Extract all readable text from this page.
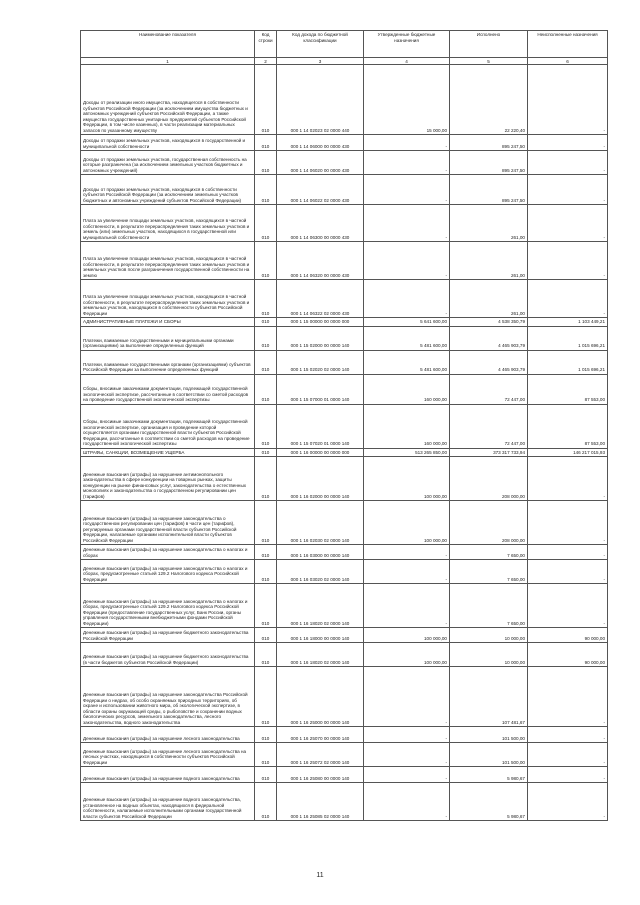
Наименование показателя	Код строки	Код дохода по бюджетной классификации	Утвержденные бюджетные назначения	Исполнено	Неисполненные назначения
1	2	3	4	5	6
Доходы от реализации иного имущества, находящегося в собственности субъектов Российской Федерации (за исключением имущества бюджетных и автономных учреждений субъектов Российской Федерации, а также имущества государственных унитарных предприятий субъектов Российской Федерации, в том числе казенных), в части реализации материальных запасов по указанному имуществу	010	000 1 14 02023 02 0000 440	15 000,00	22 220,40	-
Доходы от продажи земельных участков, находящихся в государственной и муниципальной собственности	010	000 1 14 06000 00 0000 430	-	895 247,50	-
Доходы от продажи земельных участков, государственная собственность на которые разграничена (за исключением земельных участков бюджетных и автономных учреждений)	010	000 1 14 06020 00 0000 430	-	895 247,50	-
Доходы от продажи земельных участков, находящихся в собственности субъектов Российской Федерации (за исключением земельных участков бюджетных и автономных учреждений субъектов Российской Федерации)	010	000 1 14 06022 02 0000 430	-	895 247,50	-
Плата за увеличение площади земельных участков, находящихся в частной собственности, в результате перераспределения таких земельных участков и земель (или) земельных участков, находящихся в государственной или муниципальной собственности	010	000 1 14 06300 00 0000 430	-	261,00	-
Плата за увеличение площади земельных участков, находящихся в частной собственности, в результате перераспределения таких земельных участков и земельных участков после разграничения государственной собственности на землю	010	000 1 14 06320 00 0000 430	-	261,00	-
Плата за увеличение площади земельных участков, находящихся в частной собственности, в результате перераспределения таких земельных участков и земельных участков, находящихся в собственности субъектов Российской Федерации	010	000 1 14 06322 02 0000 430	-	261,00	-
АДМИНИСТРАТИВНЫЕ ПЛАТЕЖИ И СБОРЫ	010	000 1 15 00000 00 0000 000	5 641 600,00	4 538 350,79	1 103 449,21
Платежи, взимаемые государственными и муниципальными органами (организациями) за выполнение определенных функций	010	000 1 15 02000 00 0000 140	5 481 600,00	4 465 903,79	1 015 696,21
Платежи, взимаемые государственными органами (организациями) субъектов Российской Федерации за выполнение определенных функций	010	000 1 15 02020 02 0000 140	5 481 600,00	4 465 903,79	1 015 696,21
Сборы, вносимые заказчиками документации, подлежащей государственной экологической экспертизе, рассчитанные в соответствии со сметой расходов на проведение государственной экологической экспертизы	010	000 1 15 07000 01 0000 140	160 000,00	72 447,00	87 553,00
Сборы, вносимые заказчиками документации, подлежащей государственной экологической экспертизе, организация и проведение которой осуществляется органами государственной власти субъектов Российской Федерации, рассчитанные в соответствии со сметой расходов на проведение государственной экологической экспертизы	010	000 1 15 07020 01 0000 140	160 000,00	72 447,00	87 553,00
ШТРАФЫ, САНКЦИИ, ВОЗМЕЩЕНИЕ УЩЕРБА	010	000 1 16 00000 00 0000 000	513 265 850,00	373 317 733,94	146 217 015,93
Денежные взыскания (штрафы) за нарушение антимонопольного законодательства в сфере конкуренции на товарных рынках, защиты конкуренции на рынке финансовых услуг, законодательства о естественных монополиях и законодательства о государственном регулировании цен (тарифов)	010	000 1 16 02000 00 0000 140	100 000,00	208 000,00	-
Денежные взыскания (штрафы) за нарушение законодательства о государственном регулировании цен (тарифов) в части цен (тарифов), регулируемых органами государственной власти субъектов Российской Федерации, налагаемые органами исполнительной власти субъектов Российской Федерации	010	000 1 16 02030 02 0000 140	100 000,00	208 000,00	-
Денежные взыскания (штрафы) за нарушение законодательства о налогах и сборах	010	000 1 16 03000 00 0000 140	-	7 650,00	-
Денежные взыскания (штрафы) за нарушение законодательства о налогах и сборах, предусмотренные статьей 129.2 Налогового кодекса Российской Федерации	010	000 1 16 03020 02 0000 140	-	7 650,00	-
Денежные взыскания (штрафы) за нарушение законодательства о налогах и сборах, предусмотренные статьей 129.2 Налогового кодекса Российской Федерации (предоставление государственных услуг, Банк России, органы управления государственными внебюджетными фондами Российской Федерации)	010	000 1 16 18020 02 0000 140	-	7 650,00	-
Денежные взыскания (штрафы) за нарушение бюджетного законодательства Российской Федерации	010	000 1 16 18000 00 0000 140	100 000,00	10 000,00	90 000,00
Денежные взыскания (штрафы) за нарушение бюджетного законодательства (в части бюджетов субъектов Российской Федерации)	010	000 1 16 18020 02 0000 140	100 000,00	10 000,00	90 000,00
Денежные взыскания (штрафы) за нарушение законодательства Российской Федерации о недрах, об особо охраняемых природных территориях, об охране и использовании животного мира, об экологической экспертизе, в области охраны окружающей среды, о рыболовстве и сохранении водных биологических ресурсов, земельного законодательства, лесного законодательства, водного законодательства	010	000 1 16 25000 00 0000 140	-	107 481,67	-
Денежные взыскания (штрафы) за нарушение лесного законодательства	010	000 1 16 25070 00 0000 140	-	101 500,00	-
Денежные взыскания (штрафы) за нарушение лесного законодательства на лесных участках, находящихся в собственности субъектов Российской Федерации	010	000 1 16 25072 02 0000 140	-	101 500,00	-
Денежные взыскания (штрафы) за нарушение водного законодательства	010	000 1 16 25080 00 0000 140	-	5 980,67	-
Денежные взыскания (штрафы) за нарушение водного законодательства, установленное на водных объектах, находящихся в федеральной собственности, налагаемые исполнительными органами государственной власти субъектов Российской Федерации	010	000 1 16 25085 02 0000 140	-	5 980,67	-
11
